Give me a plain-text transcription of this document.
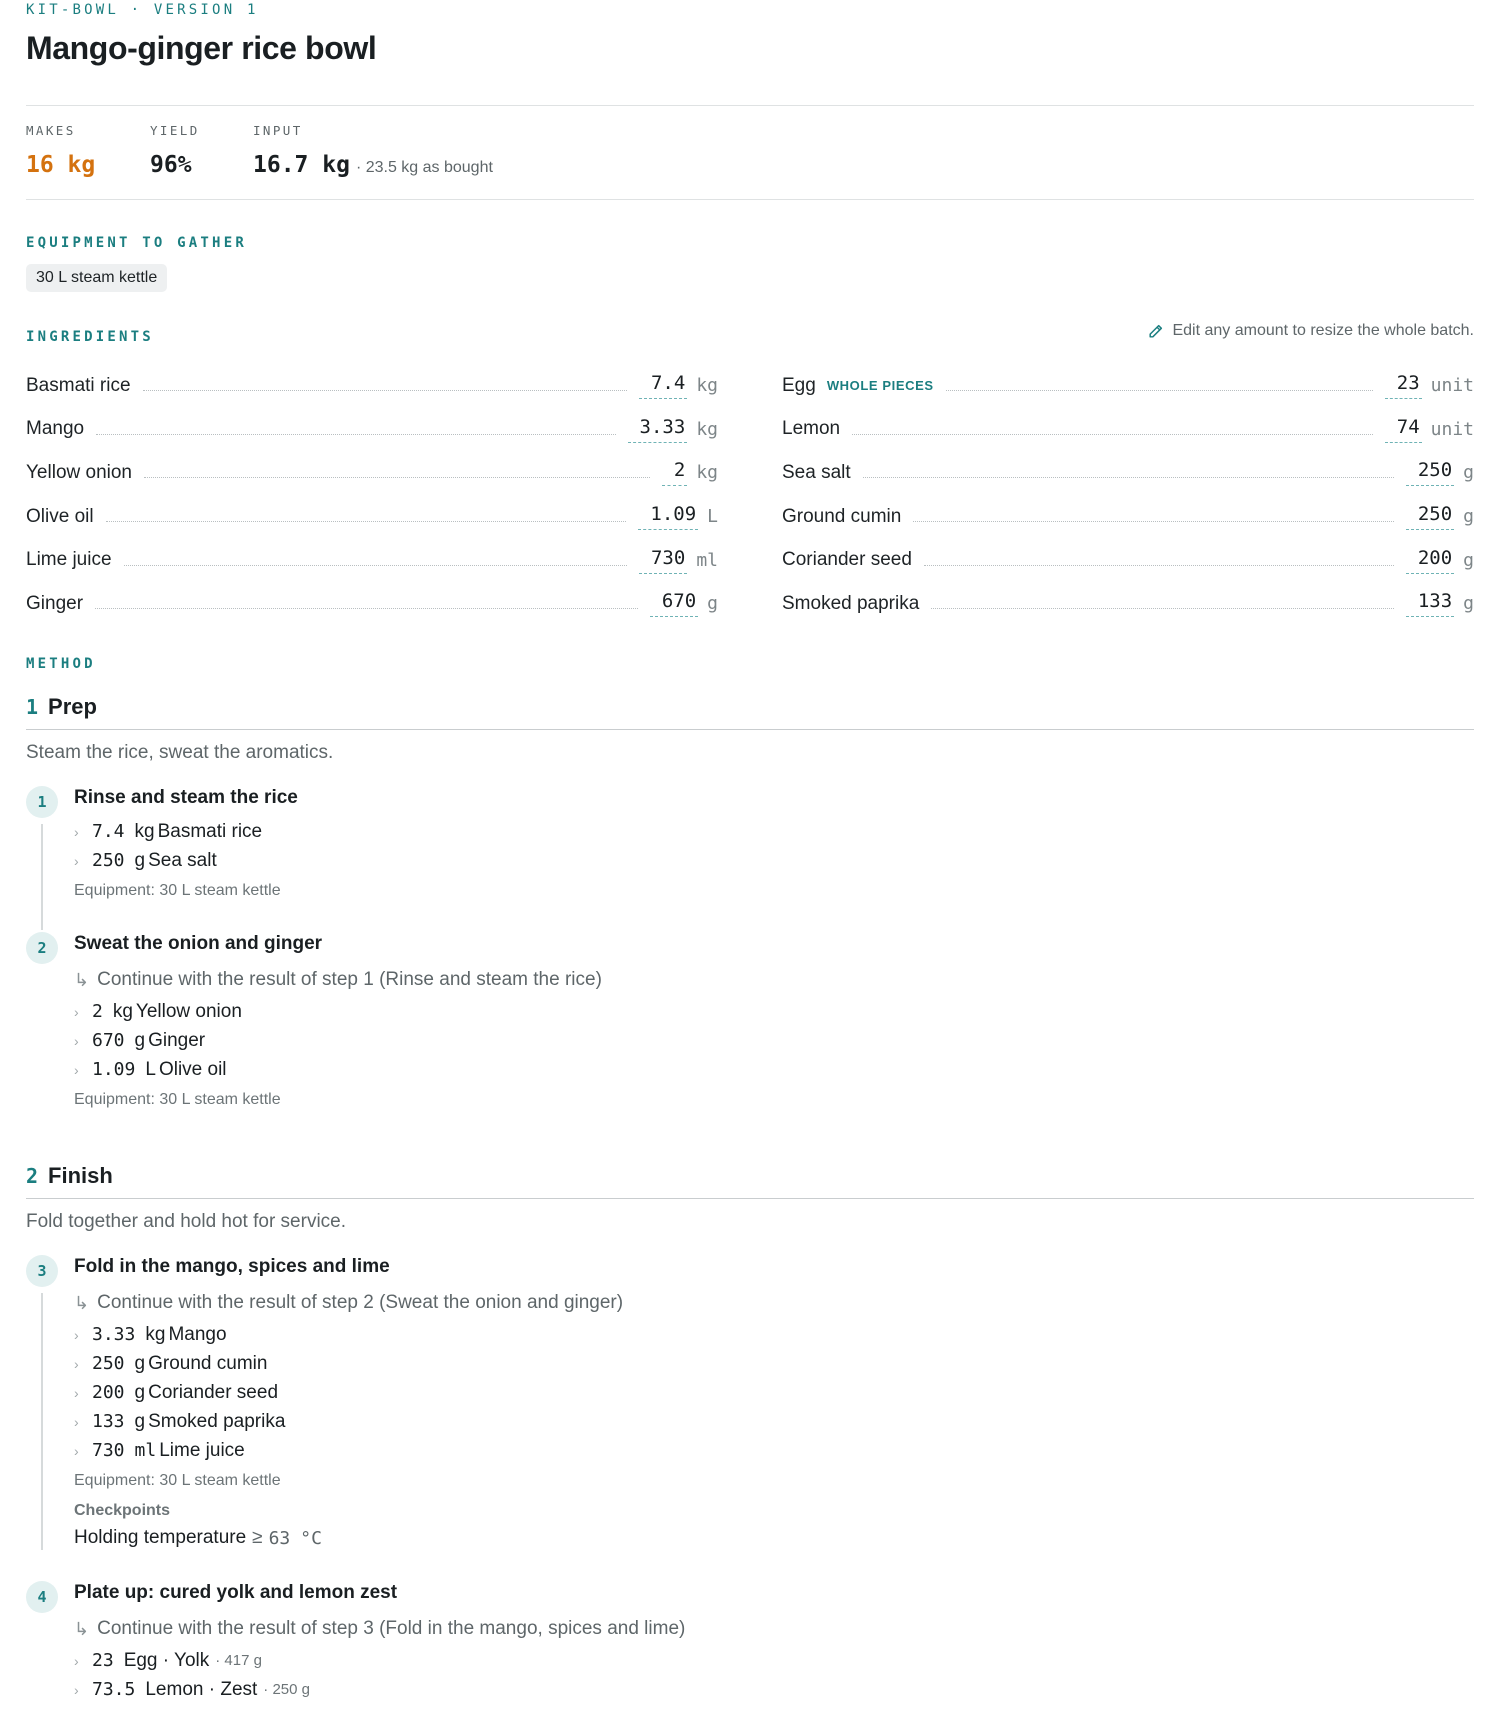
KIT-BOWL · VERSION 1
Mango-ginger rice bowl
MAKES
16 kg
YIELD
96%
INPUT
16.7 kg · 23.5 kg as bought
EQUIPMENT TO GATHER
30 L steam kettle
INGREDIENTS	Edit any amount to resize the whole batch.
Basmati rice	7.4 kg
Mango	3.33 kg
Yellow onion	2 kg
Olive oil	1.09 L
Lime juice	730 ml
Ginger	670 g
Egg WHOLE PIECES	23 unit
Lemon	74 unit
Sea salt	250 g
Ground cumin	250 g
Coriander seed	200 g
Smoked paprika	133 g
METHOD
1 Prep
Steam the rice, sweat the aromatics.
1	Rinse and steam the rice
› 7.4 kg Basmati rice
› 250 g Sea salt
Equipment: 30 L steam kettle
2	Sweat the onion and ginger
↳ Continue with the result of step 1 (Rinse and steam the rice)
› 2 kg Yellow onion
› 670 g Ginger
› 1.09 L Olive oil
Equipment: 30 L steam kettle
2 Finish
Fold together and hold hot for service.
3	Fold in the mango, spices and lime
↳ Continue with the result of step 2 (Sweat the onion and ginger)
› 3.33 kg Mango
› 250 g Ground cumin
› 200 g Coriander seed
› 133 g Smoked paprika
› 730 ml Lime juice
Equipment: 30 L steam kettle
Checkpoints
Holding temperature ≥ 63 °C
4	Plate up: cured yolk and lemon zest
↳ Continue with the result of step 3 (Fold in the mango, spices and lime)
› 23 Egg · Yolk · 417 g
› 73.5 Lemon · Zest · 250 g
